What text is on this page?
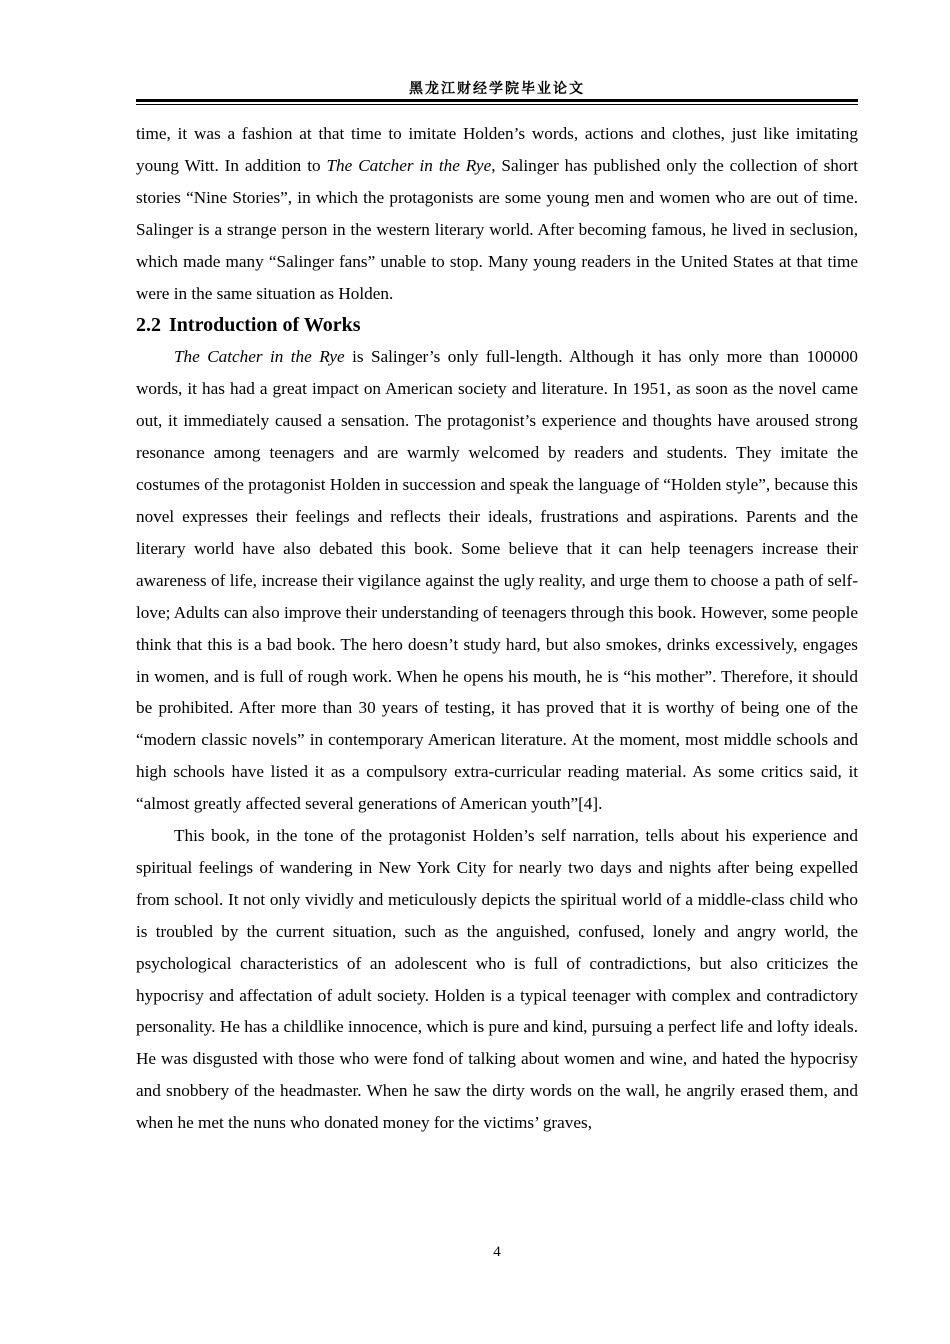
黑龙江财经学院毕业论文

time, it was a fashion at that time to imitate Holden’s words, actions and clothes, just like imitating young Witt. In addition to The Catcher in the Rye, Salinger has published only the collection of short stories “Nine Stories”, in which the protagonists are some young men and women who are out of time. Salinger is a strange person in the western literary world. After becoming famous, he lived in seclusion, which made many “Salinger fans” unable to stop. Many young readers in the United States at that time were in the same situation as Holden.

2.2 Introduction of Works

The Catcher in the Rye is Salinger’s only full-length. Although it has only more than 100000 words, it has had a great impact on American society and literature. In 1951, as soon as the novel came out, it immediately caused a sensation. The protagonist’s experience and thoughts have aroused strong resonance among teenagers and are warmly welcomed by readers and students. They imitate the costumes of the protagonist Holden in succession and speak the language of “Holden style”, because this novel expresses their feelings and reflects their ideals, frustrations and aspirations. Parents and the literary world have also debated this book. Some believe that it can help teenagers increase their awareness of life, increase their vigilance against the ugly reality, and urge them to choose a path of self-love; Adults can also improve their understanding of teenagers through this book. However, some people think that this is a bad book. The hero doesn’t study hard, but also smokes, drinks excessively, engages in women, and is full of rough work. When he opens his mouth, he is “his mother”. Therefore, it should be prohibited. After more than 30 years of testing, it has proved that it is worthy of being one of the “modern classic novels” in contemporary American literature. At the moment, most middle schools and high schools have listed it as a compulsory extra-curricular reading material. As some critics said, it “almost greatly affected several generations of American youth”[4].

This book, in the tone of the protagonist Holden’s self narration, tells about his experience and spiritual feelings of wandering in New York City for nearly two days and nights after being expelled from school. It not only vividly and meticulously depicts the spiritual world of a middle-class child who is troubled by the current situation, such as the anguished, confused, lonely and angry world, the psychological characteristics of an adolescent who is full of contradictions, but also criticizes the hypocrisy and affectation of adult society. Holden is a typical teenager with complex and contradictory personality. He has a childlike innocence, which is pure and kind, pursuing a perfect life and lofty ideals. He was disgusted with those who were fond of talking about women and wine, and hated the hypocrisy and snobbery of the headmaster. When he saw the dirty words on the wall, he angrily erased them, and when he met the nuns who donated money for the victims’ graves,

4
